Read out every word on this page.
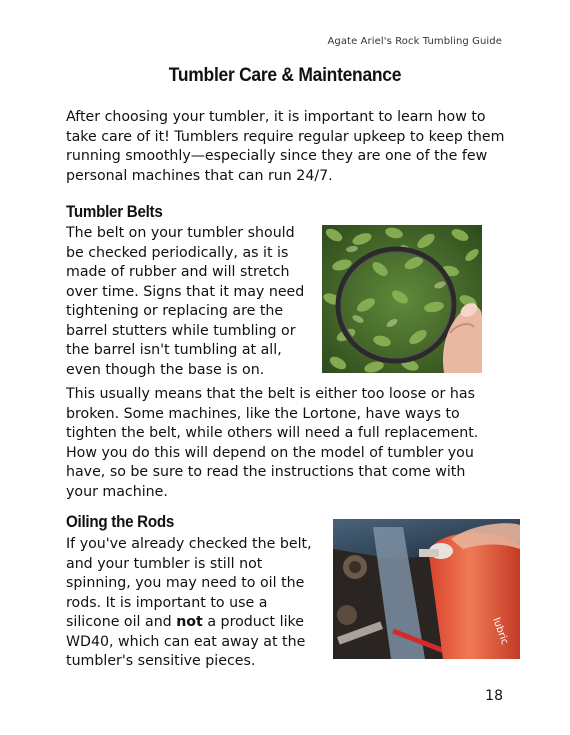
Agate Ariel's Rock Tumbling Guide
Tumbler Care & Maintenance

After choosing your tumbler, it is important to learn how to take care of it! Tumblers require regular upkeep to keep them running smoothly—especially since they are one of the few personal machines that can run 24/7.

Tumbler Belts

The belt on your tumbler should be checked periodically, as it is made of rubber and will stretch over time. Signs that it may need tightening or replacing are the barrel stutters while tumbling or the barrel isn't tumbling at all, even though the base is on.

This usually means that the belt is either too loose or has broken. Some machines, like the Lortone, have ways to tighten the belt, while others will need a full replacement. How you do this will depend on the model of tumbler you have, so be sure to read the instructions that come with your machine.

Oiling the Rods

If you've already checked the belt, and your tumbler is still not spinning, you may need to oil the rods. It is important to use a silicone oil and not a product like WD40, which can eat away at the tumbler's sensitive pieces.

lubric
18
